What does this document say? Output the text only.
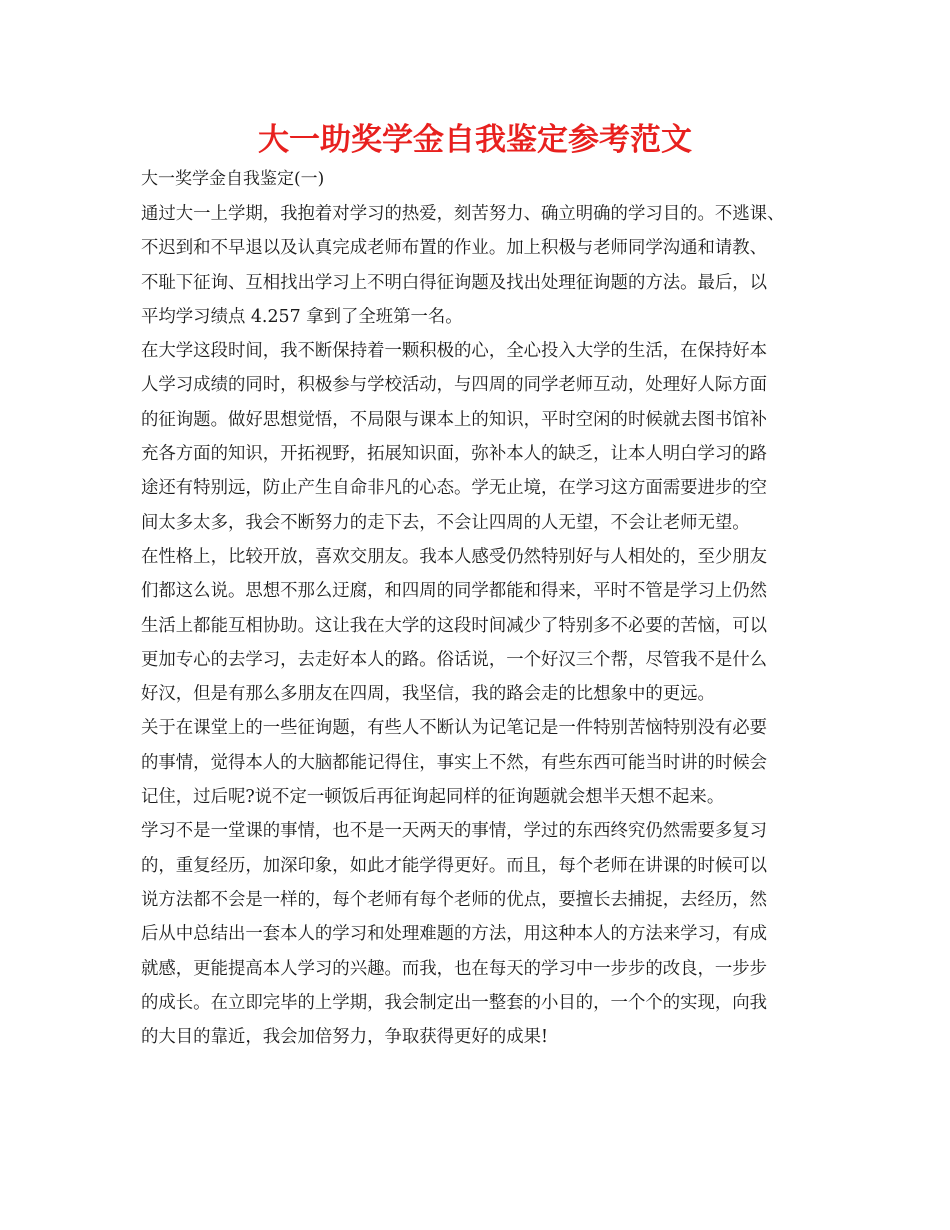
大一助奖学金自我鉴定参考范文
大一奖学金自我鉴定(一)
通过大一上学期，我抱着对学习的热爱，刻苦努力、确立明确的学习目的。不逃课、
不迟到和不早退以及认真完成老师布置的作业。加上积极与老师同学沟通和请教、
不耻下征询、互相找出学习上不明白得征询题及找出处理征询题的方法。最后，以
平均学习绩点 4.257 拿到了全班第一名。
在大学这段时间，我不断保持着一颗积极的心，全心投入大学的生活，在保持好本
人学习成绩的同时，积极参与学校活动，与四周的同学老师互动，处理好人际方面
的征询题。做好思想觉悟，不局限与课本上的知识，平时空闲的时候就去图书馆补
充各方面的知识，开拓视野，拓展知识面，弥补本人的缺乏，让本人明白学习的路
途还有特别远，防止产生自命非凡的心态。学无止境，在学习这方面需要进步的空
间太多太多，我会不断努力的走下去，不会让四周的人无望，不会让老师无望。
在性格上，比较开放，喜欢交朋友。我本人感受仍然特别好与人相处的，至少朋友
们都这么说。思想不那么迂腐，和四周的同学都能和得来，平时不管是学习上仍然
生活上都能互相协助。这让我在大学的这段时间减少了特别多不必要的苦恼，可以
更加专心的去学习，去走好本人的路。俗话说，一个好汉三个帮，尽管我不是什么
好汉，但是有那么多朋友在四周，我坚信，我的路会走的比想象中的更远。
关于在课堂上的一些征询题，有些人不断认为记笔记是一件特别苦恼特别没有必要
的事情，觉得本人的大脑都能记得住，事实上不然，有些东西可能当时讲的时候会
记住，过后呢?说不定一顿饭后再征询起同样的征询题就会想半天想不起来。
学习不是一堂课的事情，也不是一天两天的事情，学过的东西终究仍然需要多复习
的，重复经历，加深印象，如此才能学得更好。而且，每个老师在讲课的时候可以
说方法都不会是一样的，每个老师有每个老师的优点，要擅长去捕捉，去经历，然
后从中总结出一套本人的学习和处理难题的方法，用这种本人的方法来学习，有成
就感，更能提高本人学习的兴趣。而我，也在每天的学习中一步步的改良，一步步
的成长。在立即完毕的上学期，我会制定出一整套的小目的，一个个的实现，向我
的大目的靠近，我会加倍努力，争取获得更好的成果!
